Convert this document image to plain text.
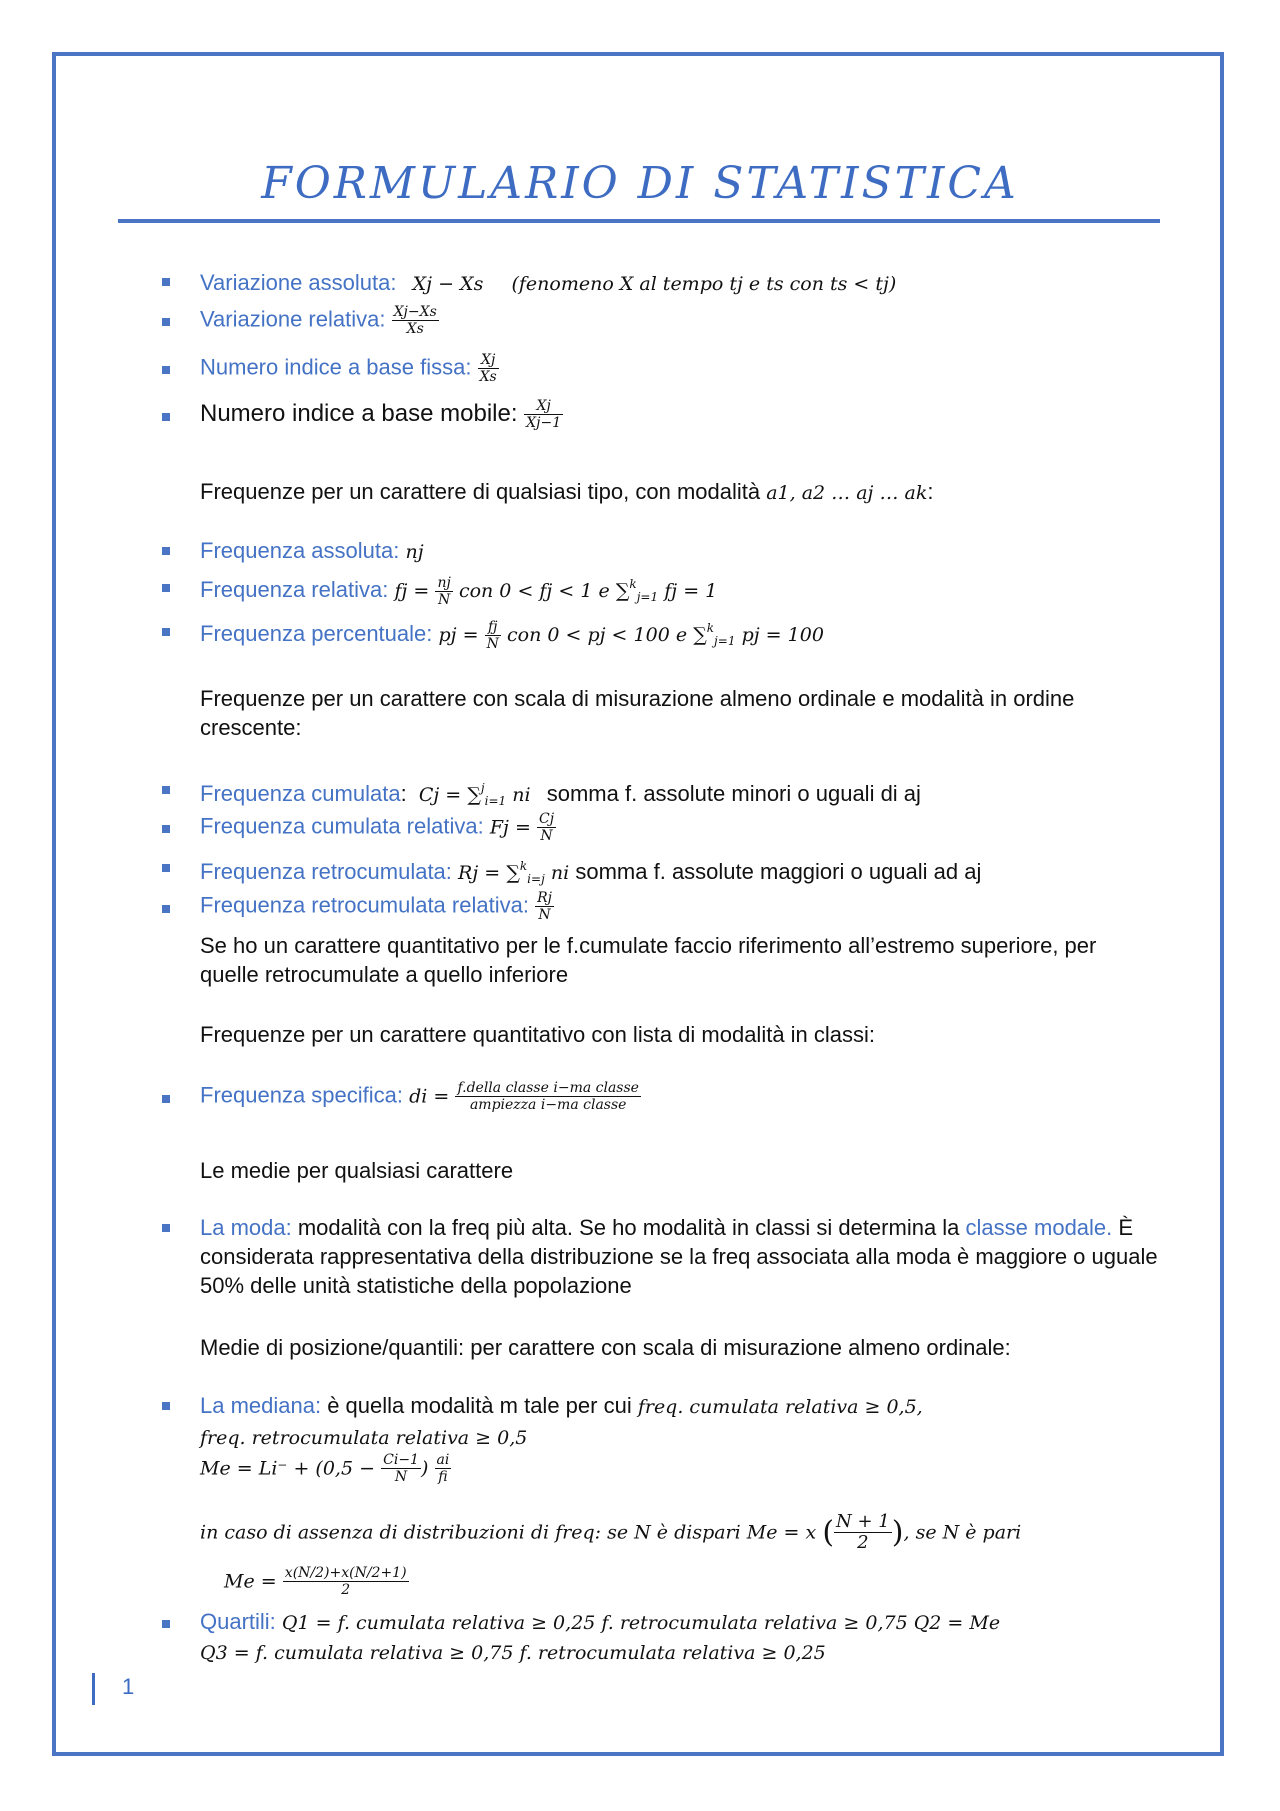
FORMULARIO DI STATISTICA
Variazione assoluta: Xj − Xs (fenomeno X al tempo tj e ts con ts < tj)
Variazione relativa: $\frac{Xj-Xs}{Xs}$
Numero indice a base fissa: $\frac{Xj}{Xs}$
Numero indice a base mobile: $\frac{Xj}{Xj-1}$
Frequenze per un carattere di qualsiasi tipo, con modalità a1, a2 … aj … ak:
Frequenza assoluta: nj
Frequenza relativa: fj = $\frac{nj}{N}$ con 0 < fj < 1 e ∑$^k_{j=1}$ fj = 1
Frequenza percentuale: pj = $\frac{fj}{N}$ con 0 < pj < 100 e ∑$^k_{j=1}$ pj = 100
Frequenze per un carattere con scala di misurazione almeno ordinale e modalità in ordine crescente:
Frequenza cumulata: Cj = ∑$^j_{i=1}$ ni somma f. assolute minori o uguali di aj
Frequenza cumulata relativa: $Fj = \frac{Cj}{N}$
Frequenza retrocumulata: Rj = ∑$^k_{i=j}$ ni somma f. assolute maggiori o uguali ad aj
Frequenza retrocumulata relativa: $\frac{Rj}{N}$
Se ho un carattere quantitativo per le f.cumulate faccio riferimento all’estremo superiore, per quelle retrocumulate a quello inferiore
Frequenze per un carattere quantitativo con lista di modalità in classi:
Frequenza specifica: di = $\frac{\text{f.della classe i−ma classe}}{\text{ampiezza i−ma classe}}$
Le medie per qualsiasi carattere
La moda: modalità con la freq più alta. Se ho modalità in classi si determina la classe modale. È considerata rappresentativa della distribuzione se la freq associata alla moda è maggiore o uguale 50% delle unità statistiche della popolazione
Medie di posizione/quantili: per carattere con scala di misurazione almeno ordinale:
La mediana: è quella modalità m tale per cui freq. cumulata relativa ≥ 0,5,
freq. retrocumulata relativa ≥ 0,5
$Me = Li^- + (0,5 - \frac{Ci-1}{N}$ ) $\frac{ai}{fi}$
in caso di assenza di distribuzioni di freq: se N è dispari Me = x ( $\frac{N + 1}{2}$ ), se N è pari
$Me = \frac{x(N/2)+x(N/2+1)}{2}$
Quartili: Q1 = f. cumulata relativa ≥ 0,25 f. retrocumulata relativa ≥ 0,75 Q2 = Me
Q3 = f. cumulata relativa ≥ 0,75 f. retrocumulata relativa ≥ 0,25
1
